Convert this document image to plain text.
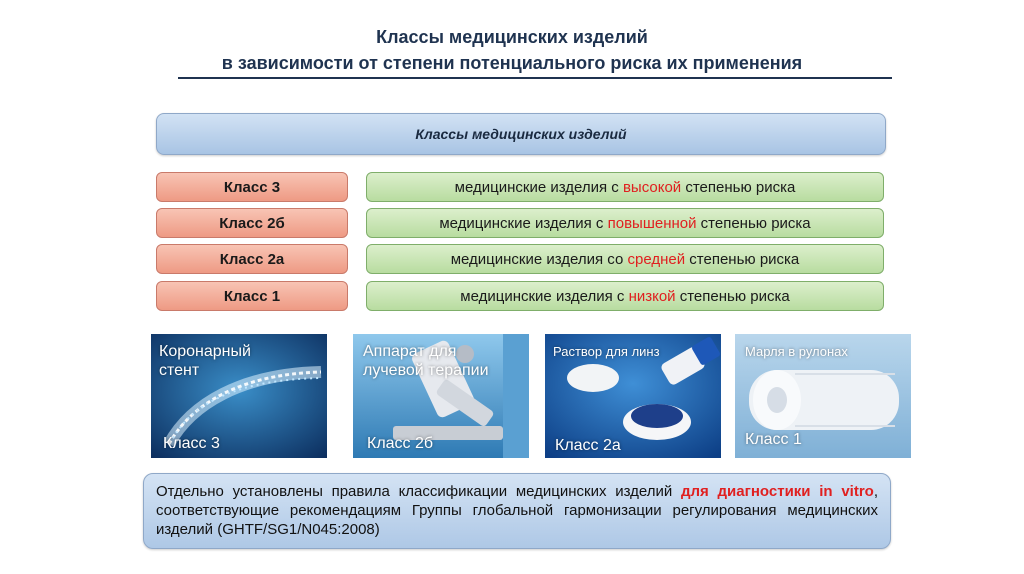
Классы медицинских изделий
в зависимости от степени потенциального риска их применения
Классы медицинских изделий
Класс 3	медицинские изделия с высокой степенью риска
Класс 2б	медицинские изделия с повышенной степенью риска
Класс 2а	медицинские изделия со средней степенью риска
Класс 1	медицинские изделия с низкой степенью риска
Коронарный
стент
Класс 3
Аппарат для
лучевой терапии
Класс 2б
Раствор для линз
Класс 2а
Марля в рулонах
Класс 1
Отдельно установлены правила классификации медицинских изделий для диагностики in vitro, соответствующие рекомендациям Группы глобальной гармонизации регулирования медицинских изделий (GHTF/SG1/N045:2008)
